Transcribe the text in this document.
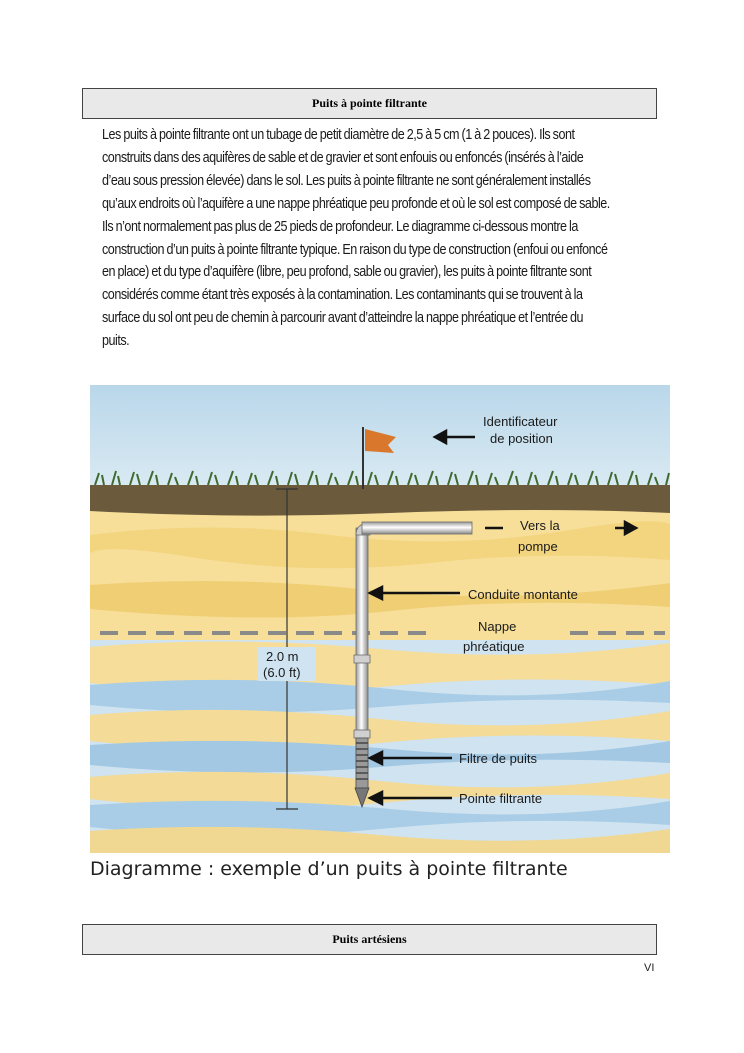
Puits à pointe filtrante
Les puits à pointe filtrante ont un tubage de petit diamètre de 2,5 à 5 cm (1 à 2 pouces). Ils sont
construits dans des aquifères de sable et de gravier et sont enfouis ou enfoncés (insérés à l’aide
d’eau sous pression élevée) dans le sol. Les puits à pointe filtrante ne sont généralement installés
qu’aux endroits où l’aquifère a une nappe phréatique peu profonde et où le sol est composé de sable.
Ils n’ont normalement pas plus de 25 pieds de profondeur. Le diagramme ci-dessous montre la
construction d’un puits à pointe filtrante typique. En raison du type de construction (enfoui ou enfoncé
en place) et du type d’aquifère (libre, peu profond, sable ou gravier), les puits à pointe filtrante sont
considérés comme étant très exposés à la contamination. Les contaminants qui se trouvent à la
surface du sol ont peu de chemin à parcourir avant d’atteindre la nappe phréatique et l’entrée du
puits.
2.0 m
(6.0 ft)
Identificateur
de position
Vers la
pompe
Conduite montante
Nappe
phréatique
Filtre de puits
Pointe filtrante
Diagramme : exemple d’un puits à pointe filtrante
Puits artésiens
VI
